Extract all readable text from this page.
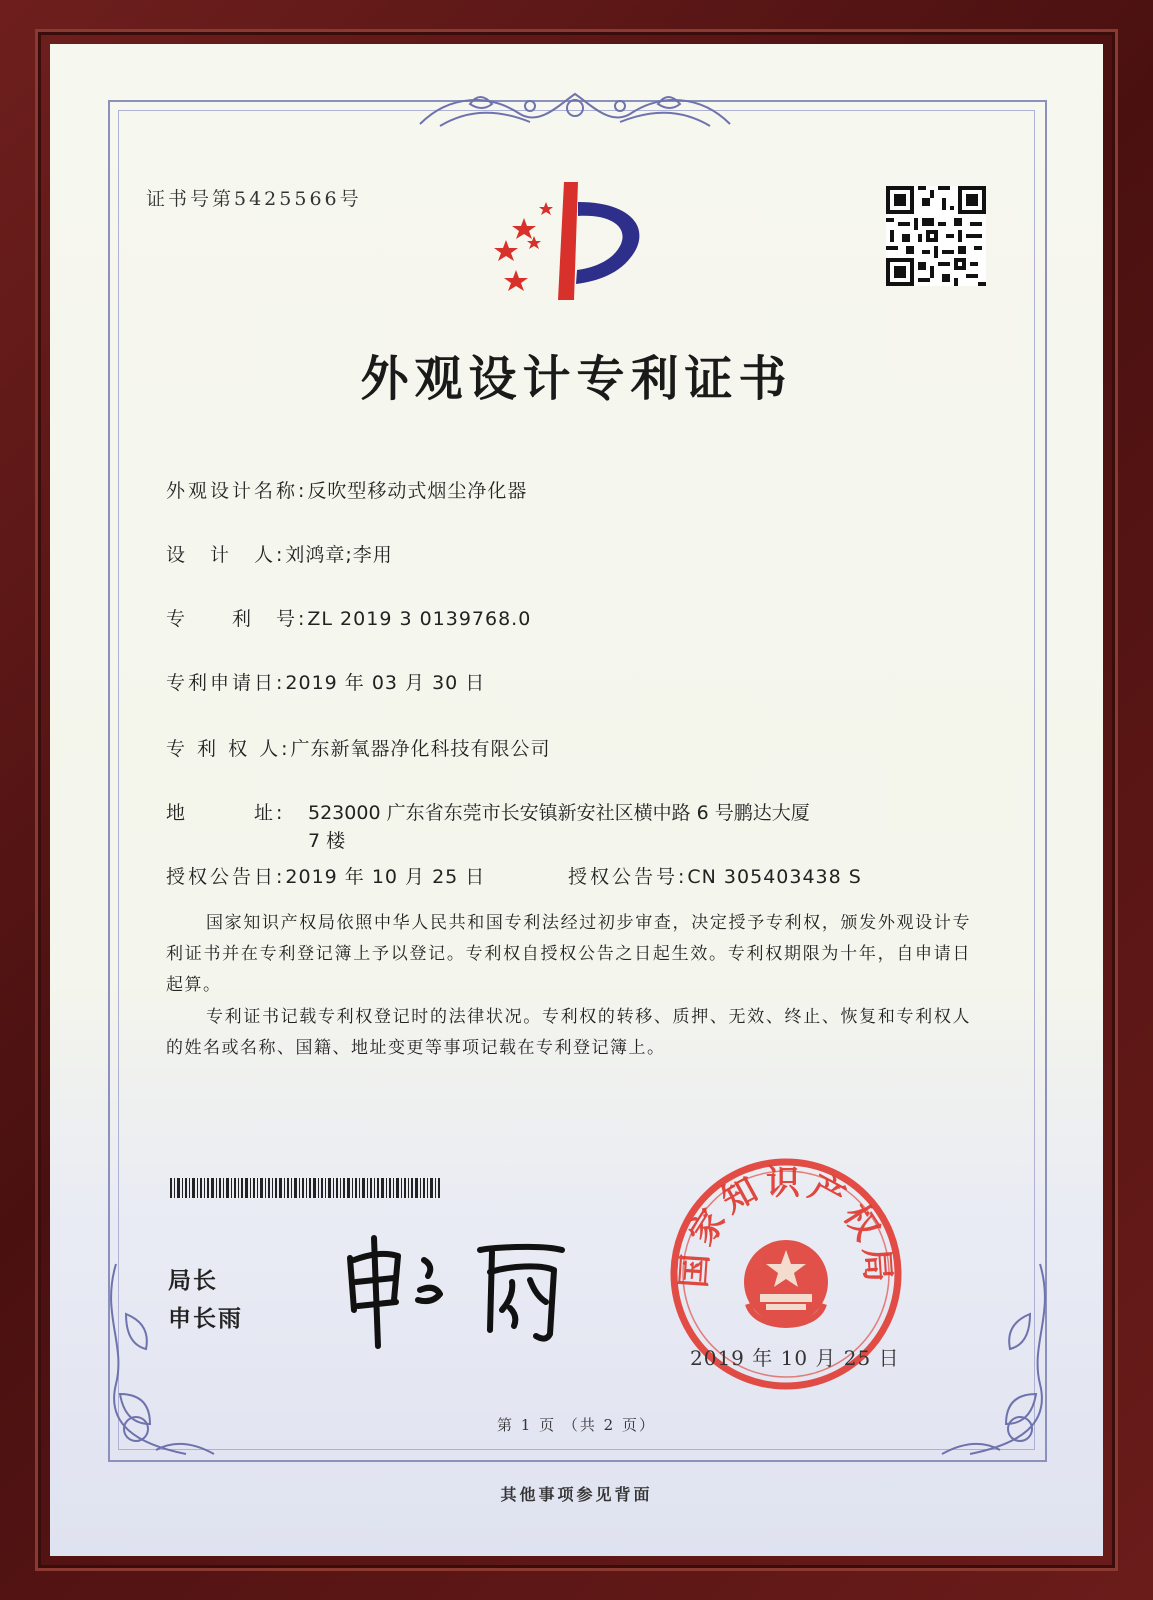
证书号第5425566号
外观设计专利证书
外观设计名称:反吹型移动式烟尘净化器
设　计　人:刘鸿章;李用
专　　利　号:ZL 2019 3 0139768.0
专利申请日:2019 年 03 月 30 日
专 利 权 人:广东新氧器净化科技有限公司
地　　　址: 523000 广东省东莞市长安镇新安社区横中路 6 号鹏达大厦
7 楼
授权公告日:2019 年 10 月 25 日	授权公告号:CN 305403438 S
国家知识产权局依照中华人民共和国专利法经过初步审查，决定授予专利权，颁发外观设计专利证书并在专利登记簿上予以登记。专利权自授权公告之日起生效。专利权期限为十年，自申请日起算。
专利证书记载专利权登记时的法律状况。专利权的转移、质押、无效、终止、恢复和专利权人的姓名或名称、国籍、地址变更等事项记载在专利登记簿上。
局长
申长雨
国家知识产权局
2019 年 10 月 25 日
第 1 页 （共 2 页）
其他事项参见背面
